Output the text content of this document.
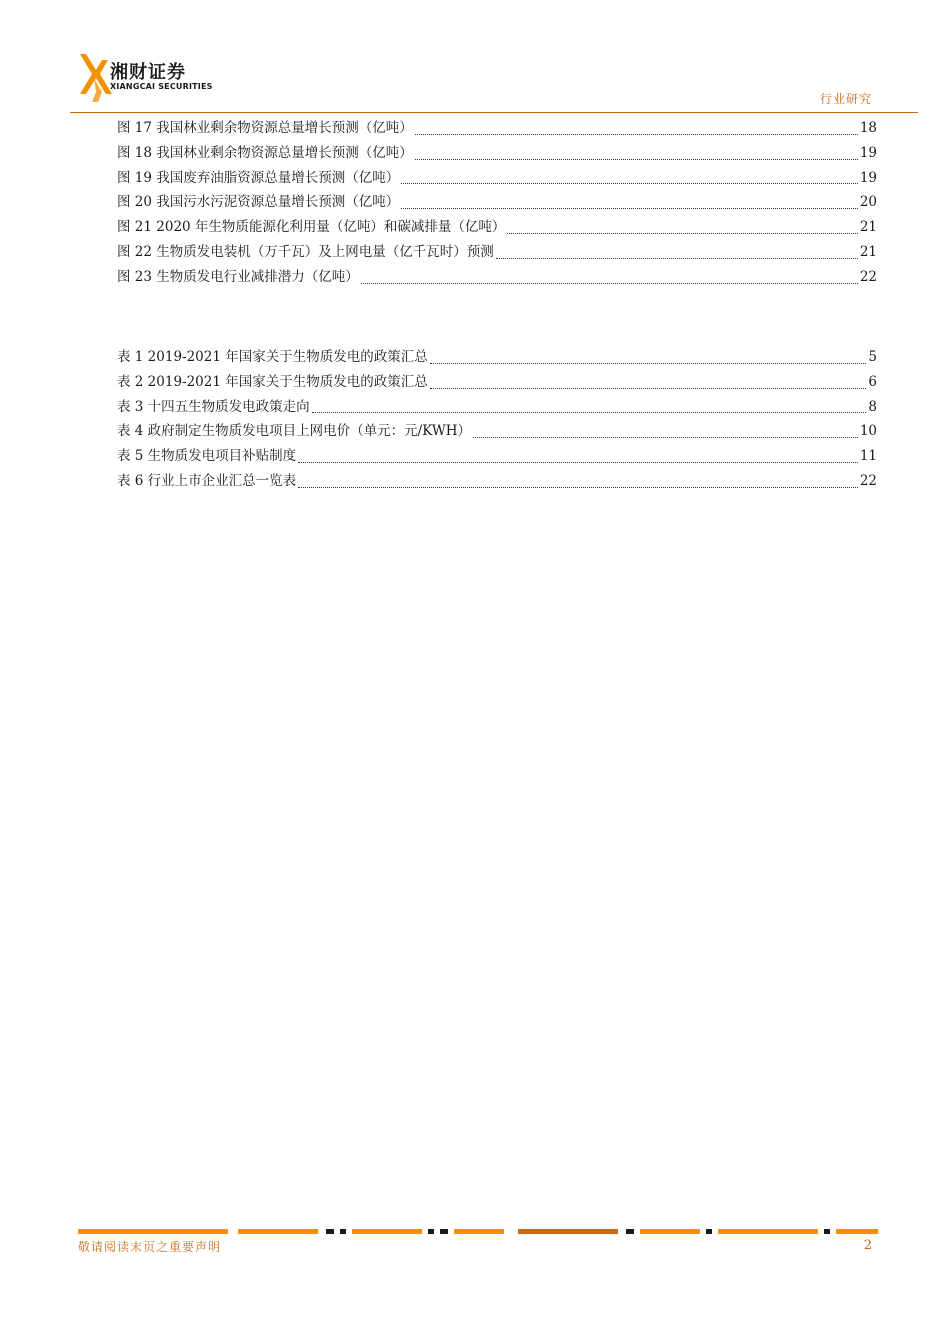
湘财证券
XIANGCAI SECURITIES
行业研究
图 17 我国林业剩余物资源总量增长预测（亿吨）	18
图 18 我国林业剩余物资源总量增长预测（亿吨）	19
图 19 我国废弃油脂资源总量增长预测（亿吨）	19
图 20 我国污水污泥资源总量增长预测（亿吨）	20
图 21 2020 年生物质能源化利用量（亿吨）和碳减排量（亿吨）	21
图 22 生物质发电装机（万千瓦）及上网电量（亿千瓦时）预测	21
图 23 生物质发电行业减排潜力（亿吨）	22
表 1 2019-2021 年国家关于生物质发电的政策汇总	5
表 2 2019-2021 年国家关于生物质发电的政策汇总	6
表 3 十四五生物质发电政策走向	8
表 4 政府制定生物质发电项目上网电价（单元：元/KWH）	10
表 5 生物质发电项目补贴制度	11
表 6 行业上市企业汇总一览表	22
敬请阅读末页之重要声明	2
